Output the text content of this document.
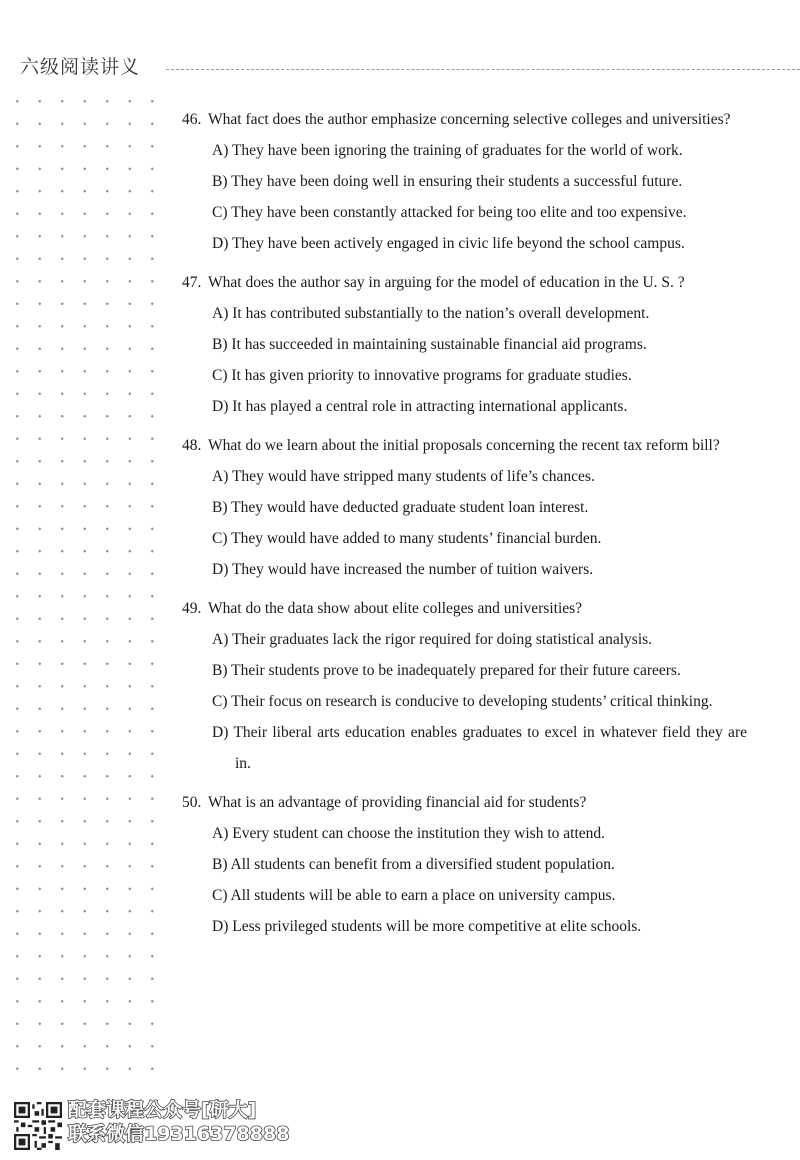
六级阅读讲义
46. What fact does the author emphasize concerning selective colleges and universities?
A) They have been ignoring the training of graduates for the world of work.
B) They have been doing well in ensuring their students a successful future.
C) They have been constantly attacked for being too elite and too expensive.
D) They have been actively engaged in civic life beyond the school campus.
47. What does the author say in arguing for the model of education in the U. S. ?
A) It has contributed substantially to the nation’s overall development.
B) It has succeeded in maintaining sustainable financial aid programs.
C) It has given priority to innovative programs for graduate studies.
D) It has played a central role in attracting international applicants.
48. What do we learn about the initial proposals concerning the recent tax reform bill?
A) They would have stripped many students of life’s chances.
B) They would have deducted graduate student loan interest.
C) They would have added to many students’ financial burden.
D) They would have increased the number of tuition waivers.
49. What do the data show about elite colleges and universities?
A) Their graduates lack the rigor required for doing statistical analysis.
B) Their students prove to be inadequately prepared for their future careers.
C) Their focus on research is conducive to developing students’ critical thinking.
D) Their liberal arts education enables graduates to excel in whatever field they are in.
50. What is an advantage of providing financial aid for students?
A) Every student can choose the institution they wish to attend.
B) All students can benefit from a diversified student population.
C) All students will be able to earn a place on university campus.
D) Less privileged students will be more competitive at elite schools.
配套课程公众号[研大]
联系微信19316378888
